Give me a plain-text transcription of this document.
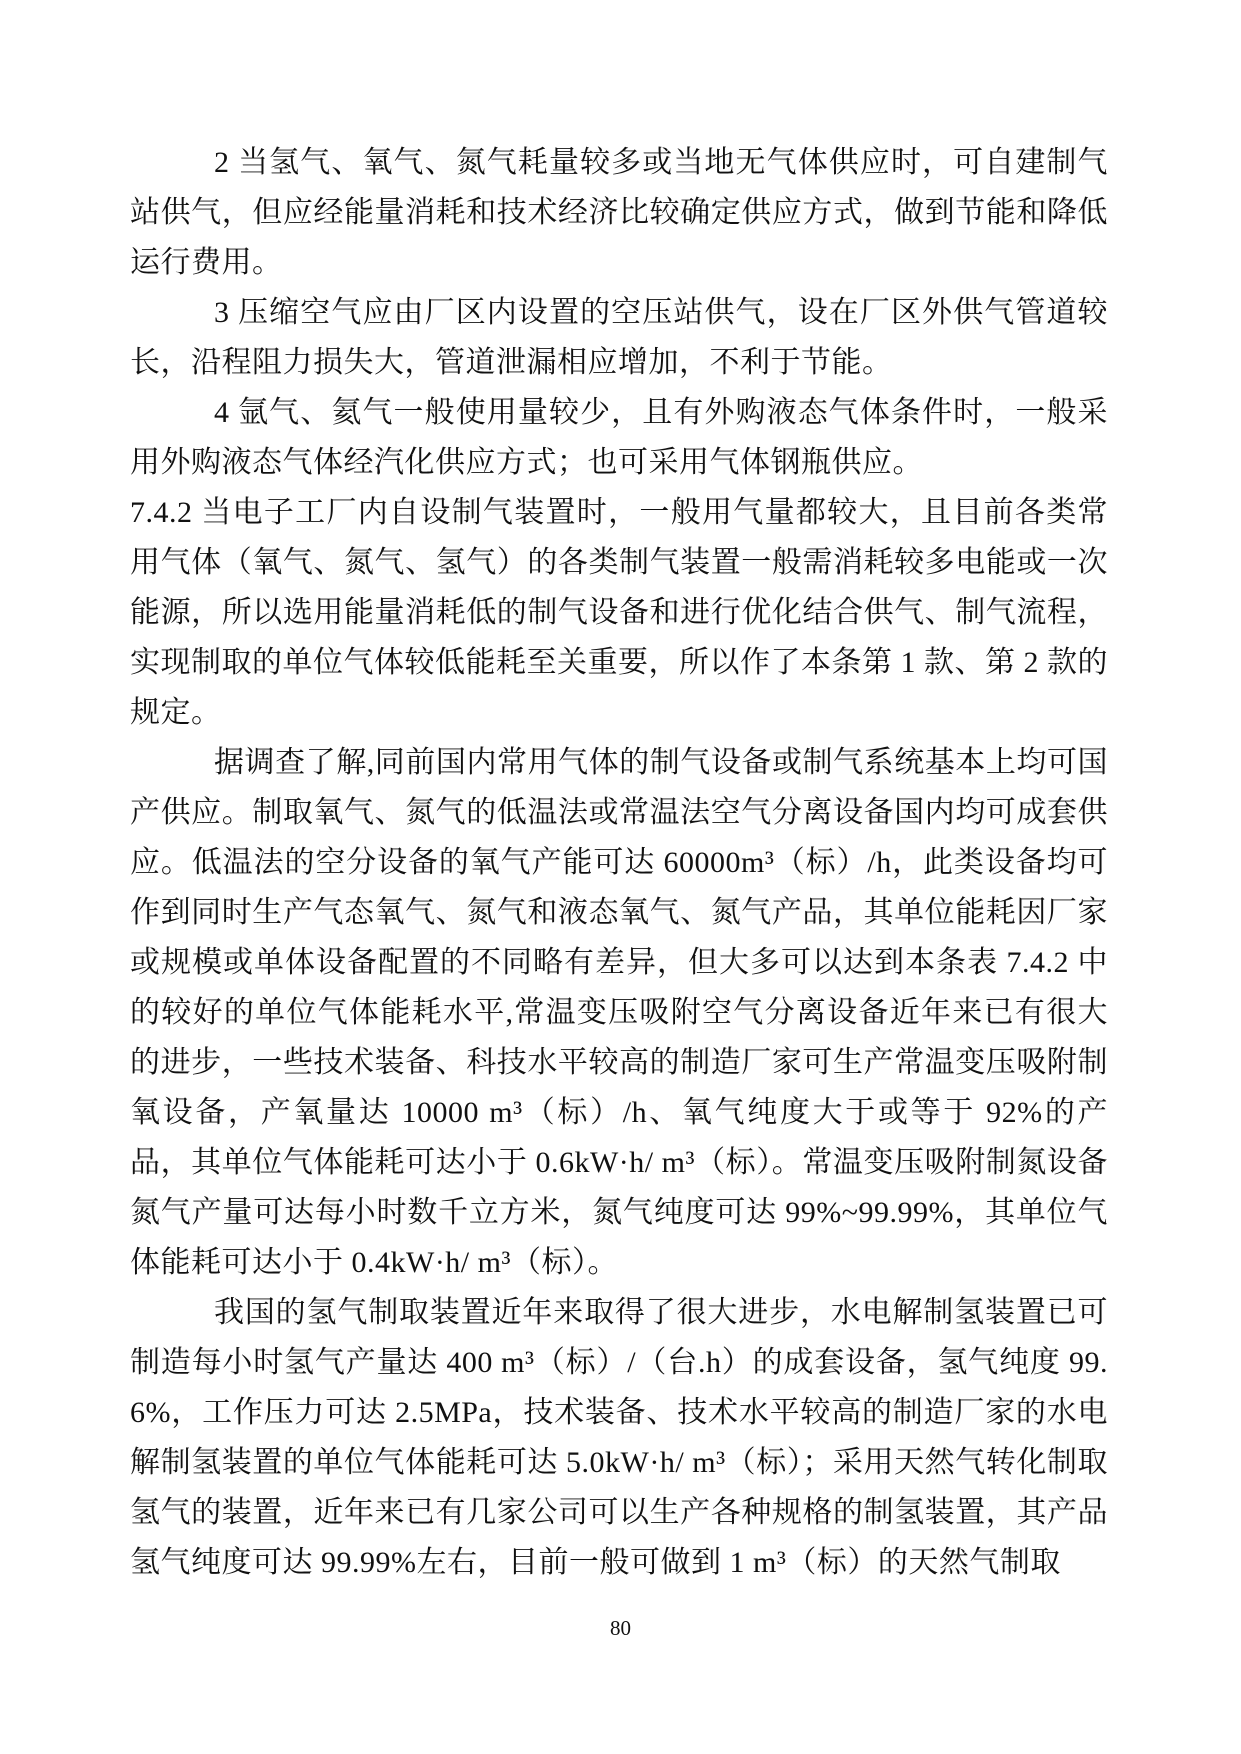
2 当氢气、氧气、氮气耗量较多或当地无气体供应时，可自建制气站供气，但应经能量消耗和技术经济比较确定供应方式，做到节能和降低运行费用。

3 压缩空气应由厂区内设置的空压站供气，设在厂区外供气管道较长，沿程阻力损失大，管道泄漏相应增加，不利于节能。

4 氩气、氦气一般使用量较少，且有外购液态气体条件时，一般采用外购液态气体经汽化供应方式；也可采用气体钢瓶供应。

7.4.2 当电子工厂内自设制气装置时，一般用气量都较大，且目前各类常用气体（氧气、氮气、氢气）的各类制气装置一般需消耗较多电能或一次能源，所以选用能量消耗低的制气设备和进行优化结合供气、制气流程，实现制取的单位气体较低能耗至关重要，所以作了本条第 1 款、第 2 款的规定。

据调查了解,同前国内常用气体的制气设备或制气系统基本上均可国产供应。制取氧气、氮气的低温法或常温法空气分离设备国内均可成套供应。低温法的空分设备的氧气产能可达 60000m³（标）/h，此类设备均可作到同时生产气态氧气、氮气和液态氧气、氮气产品，其单位能耗因厂家或规模或单体设备配置的不同略有差异，但大多可以达到本条表 7.4.2 中的较好的单位气体能耗水平,常温变压吸附空气分离设备近年来已有很大的进步，一些技术装备、科技水平较高的制造厂家可生产常温变压吸附制氧设备，产氧量达 10000 m³（标）/h、氧气纯度大于或等于 92%的产品，其单位气体能耗可达小于 0.6kW·h/ m³（标）。常温变压吸附制氮设备氮气产量可达每小时数千立方米，氮气纯度可达 99%~99.99%，其单位气体能耗可达小于 0.4kW·h/ m³（标）。

我国的氢气制取装置近年来取得了很大进步，水电解制氢装置已可制造每小时氢气产量达 400 m³（标）/（台.h）的成套设备，氢气纯度 99.6%，工作压力可达 2.5MPa，技术装备、技术水平较高的制造厂家的水电解制氢装置的单位气体能耗可达 5.0kW·h/ m³（标）；采用天然气转化制取氢气的装置，近年来已有几家公司可以生产各种规格的制氢装置，其产品氢气纯度可达 99.99%左右，目前一般可做到 1 m³（标）的天然气制取

80
